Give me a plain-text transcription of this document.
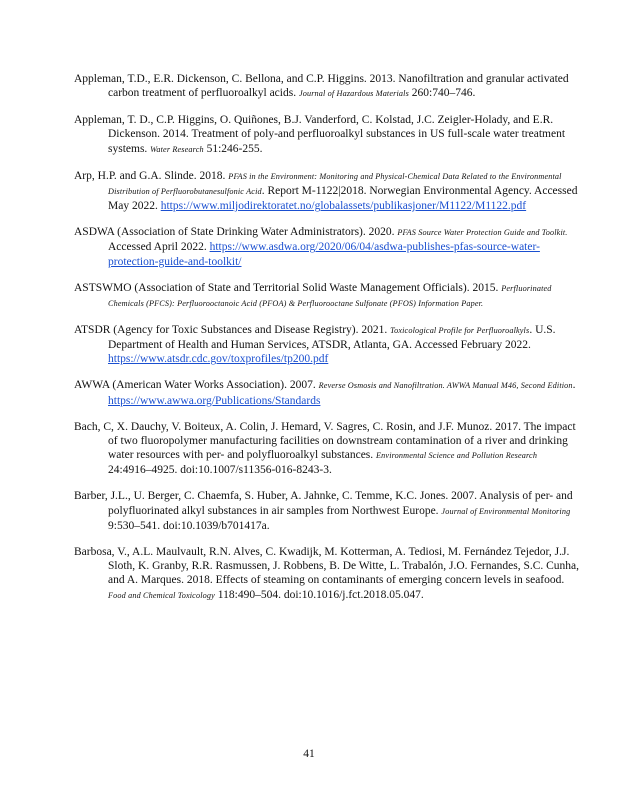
Appleman, T.D., E.R. Dickenson, C. Bellona, and C.P. Higgins. 2013. Nanofiltration and granular activated carbon treatment of perfluoroalkyl acids. Journal of Hazardous Materials 260:740–746.

Appleman, T. D., C.P. Higgins, O. Quiñones, B.J. Vanderford, C. Kolstad, J.C. Zeigler-Holady, and E.R. Dickenson. 2014. Treatment of poly-and perfluoroalkyl substances in US full-scale water treatment systems. Water Research 51:246-255.

Arp, H.P. and G.A. Slinde. 2018. PFAS in the Environment: Monitoring and Physical-Chemical Data Related to the Environmental Distribution of Perfluorobutanesulfonic Acid. Report M-1122|2018. Norwegian Environmental Agency. Accessed May 2022. https://www.miljodirektoratet.no/globalassets/publikasjoner/M1122/M1122.pdf

ASDWA (Association of State Drinking Water Administrators). 2020. PFAS Source Water Protection Guide and Toolkit. Accessed April 2022. https://www.asdwa.org/2020/06/04/asdwa-publishes-pfas-source-water-protection-guide-and-toolkit/

ASTSWMO (Association of State and Territorial Solid Waste Management Officials). 2015. Perfluorinated Chemicals (PFCS): Perfluorooctanoic Acid (PFOA) & Perfluorooctane Sulfonate (PFOS) Information Paper.

ATSDR (Agency for Toxic Substances and Disease Registry). 2021. Toxicological Profile for Perfluoroalkyls. U.S. Department of Health and Human Services, ATSDR, Atlanta, GA. Accessed February 2022. https://www.atsdr.cdc.gov/toxprofiles/tp200.pdf

AWWA (American Water Works Association). 2007. Reverse Osmosis and Nanofiltration. AWWA Manual M46, Second Edition. https://www.awwa.org/Publications/Standards

Bach, C, X. Dauchy, V. Boiteux, A. Colin, J. Hemard, V. Sagres, C. Rosin, and J.F. Munoz. 2017. The impact of two fluoropolymer manufacturing facilities on downstream contamination of a river and drinking water resources with per- and polyfluoroalkyl substances. Environmental Science and Pollution Research 24:4916–4925. doi:10.1007/s11356-016-8243-3.

Barber, J.L., U. Berger, C. Chaemfa, S. Huber, A. Jahnke, C. Temme, K.C. Jones. 2007. Analysis of per- and polyfluorinated alkyl substances in air samples from Northwest Europe. Journal of Environmental Monitoring 9:530–541. doi:10.1039/b701417a.

Barbosa, V., A.L. Maulvault, R.N. Alves, C. Kwadijk, M. Kotterman, A. Tediosi, M. Fernández Tejedor, J.J. Sloth, K. Granby, R.R. Rasmussen, J. Robbens, B. De Witte, L. Trabalón, J.O. Fernandes, S.C. Cunha, and A. Marques. 2018. Effects of steaming on contaminants of emerging concern levels in seafood. Food and Chemical Toxicology 118:490–504. doi:10.1016/j.fct.2018.05.047.

41
